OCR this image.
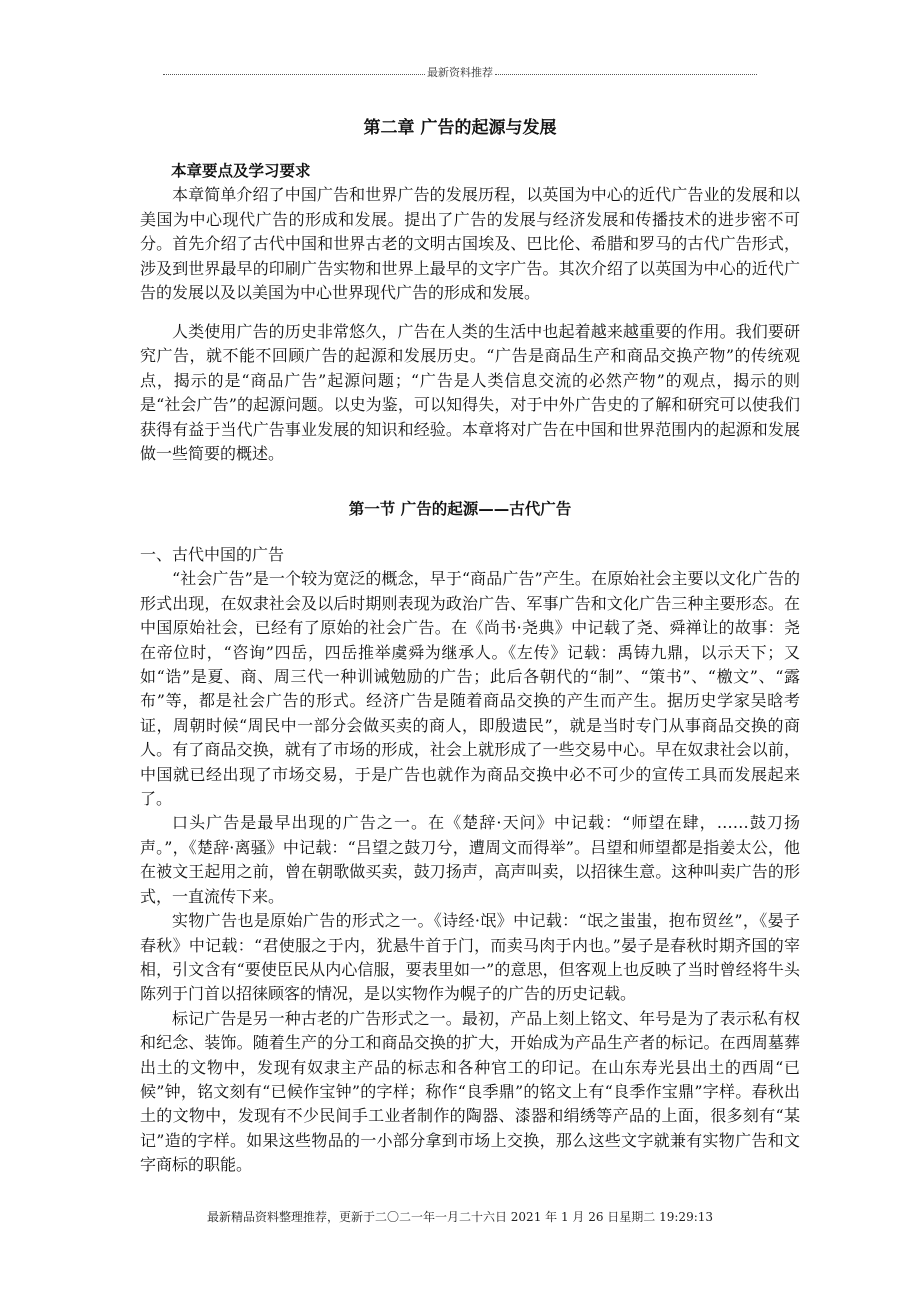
最新资料推荐
第二章 广告的起源与发展
本章要点及学习要求

本章简单介绍了中国广告和世界广告的发展历程，以英国为中心的近代广告业的发展和以美国为中心现代广告的形成和发展。提出了广告的发展与经济发展和传播技术的进步密不可分。首先介绍了古代中国和世界古老的文明古国埃及、巴比伦、希腊和罗马的古代广告形式，涉及到世界最早的印刷广告实物和世界上最早的文字广告。其次介绍了以英国为中心的近代广告的发展以及以美国为中心世界现代广告的形成和发展。

人类使用广告的历史非常悠久，广告在人类的生活中也起着越来越重要的作用。我们要研究广告，就不能不回顾广告的起源和发展历史。“广告是商品生产和商品交换产物”的传统观点，揭示的是“商品广告”起源问题；“广告是人类信息交流的必然产物”的观点，揭示的则是“社会广告”的起源问题。以史为鉴，可以知得失，对于中外广告史的了解和研究可以使我们获得有益于当代广告事业发展的知识和经验。本章将对广告在中国和世界范围内的起源和发展做一些简要的概述。

第一节 广告的起源——古代广告
一、古代中国的广告

“社会广告”是一个较为宽泛的概念，早于“商品广告”产生。在原始社会主要以文化广告的形式出现，在奴隶社会及以后时期则表现为政治广告、军事广告和文化广告三种主要形态。在中国原始社会，已经有了原始的社会广告。在《尚书·尧典》中记载了尧、舜禅让的故事：尧在帝位时，“咨询”四岳，四岳推举虞舜为继承人。《左传》记载：禹铸九鼎，以示天下；又如“诰”是夏、商、周三代一种训诫勉励的广告；此后各朝代的“制”、“策书”、“檄文”、“露布”等，都是社会广告的形式。经济广告是随着商品交换的产生而产生。据历史学家吴晗考证，周朝时候“周民中一部分会做买卖的商人，即殷遗民”，就是当时专门从事商品交换的商人。有了商品交换，就有了市场的形成，社会上就形成了一些交易中心。早在奴隶社会以前，中国就已经出现了市场交易，于是广告也就作为商品交换中必不可少的宣传工具而发展起来了。

口头广告是最早出现的广告之一。在《楚辞·天问》中记载：“师望在肆，……鼓刀扬声。”，《楚辞·离骚》中记载：“吕望之鼓刀兮，遭周文而得举”。吕望和师望都是指姜太公，他在被文王起用之前，曾在朝歌做买卖，鼓刀扬声，高声叫卖，以招徕生意。这种叫卖广告的形式，一直流传下来。

实物广告也是原始广告的形式之一。《诗经·氓》中记载：“氓之蚩蚩，抱布贸丝”，《晏子春秋》中记载：“君使服之于内，犹悬牛首于门，而卖马肉于内也。”晏子是春秋时期齐国的宰相，引文含有“要使臣民从内心信服，要表里如一”的意思，但客观上也反映了当时曾经将牛头陈列于门首以招徕顾客的情况，是以实物作为幌子的广告的历史记载。

标记广告是另一种古老的广告形式之一。最初，产品上刻上铭文、年号是为了表示私有权和纪念、装饰。随着生产的分工和商品交换的扩大，开始成为产品生产者的标记。在西周墓葬出土的文物中，发现有奴隶主产品的标志和各种官工的印记。在山东寿光县出土的西周“已候”钟，铭文刻有“已候作宝钟”的字样；称作“良季鼎”的铭文上有“良季作宝鼎”字样。春秋出土的文物中，发现有不少民间手工业者制作的陶器、漆器和绢绣等产品的上面，很多刻有“某记”造的字样。如果这些物品的一小部分拿到市场上交换，那么这些文字就兼有实物广告和文字商标的职能。

最新精品资料整理推荐，更新于二〇二一年一月二十六日 2021 年 1 月 26 日星期二 19:29:13
